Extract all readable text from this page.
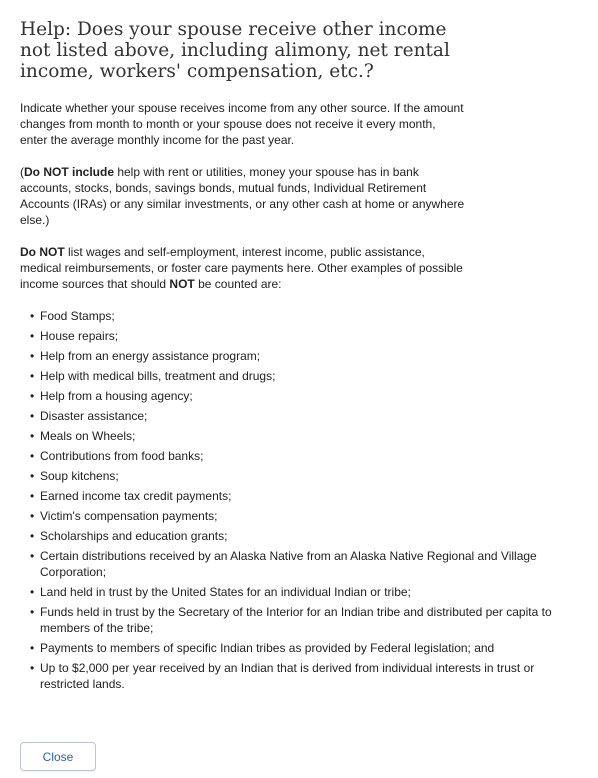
Help: Does your spouse receive other income not listed above, including alimony, net rental income, workers' compensation, etc.?

Indicate whether your spouse receives income from any other source. If the amount changes from month to month or your spouse does not receive it every month, enter the average monthly income for the past year.

(Do NOT include help with rent or utilities, money your spouse has in bank accounts, stocks, bonds, savings bonds, mutual funds, Individual Retirement Accounts (IRAs) or any similar investments, or any other cash at home or anywhere else.)

Do NOT list wages and self-employment, interest income, public assistance, medical reimbursements, or foster care payments here. Other examples of possible income sources that should NOT be counted are:

• Food Stamps;
• House repairs;
• Help from an energy assistance program;
• Help with medical bills, treatment and drugs;
• Help from a housing agency;
• Disaster assistance;
• Meals on Wheels;
• Contributions from food banks;
• Soup kitchens;
• Earned income tax credit payments;
• Victim's compensation payments;
• Scholarships and education grants;
• Certain distributions received by an Alaska Native from an Alaska Native Regional and Village Corporation;
• Land held in trust by the United States for an individual Indian or tribe;
• Funds held in trust by the Secretary of the Interior for an Indian tribe and distributed per capita to members of the tribe;
• Payments to members of specific Indian tribes as provided by Federal legislation; and
• Up to $2,000 per year received by an Indian that is derived from individual interests in trust or restricted lands.
Close
